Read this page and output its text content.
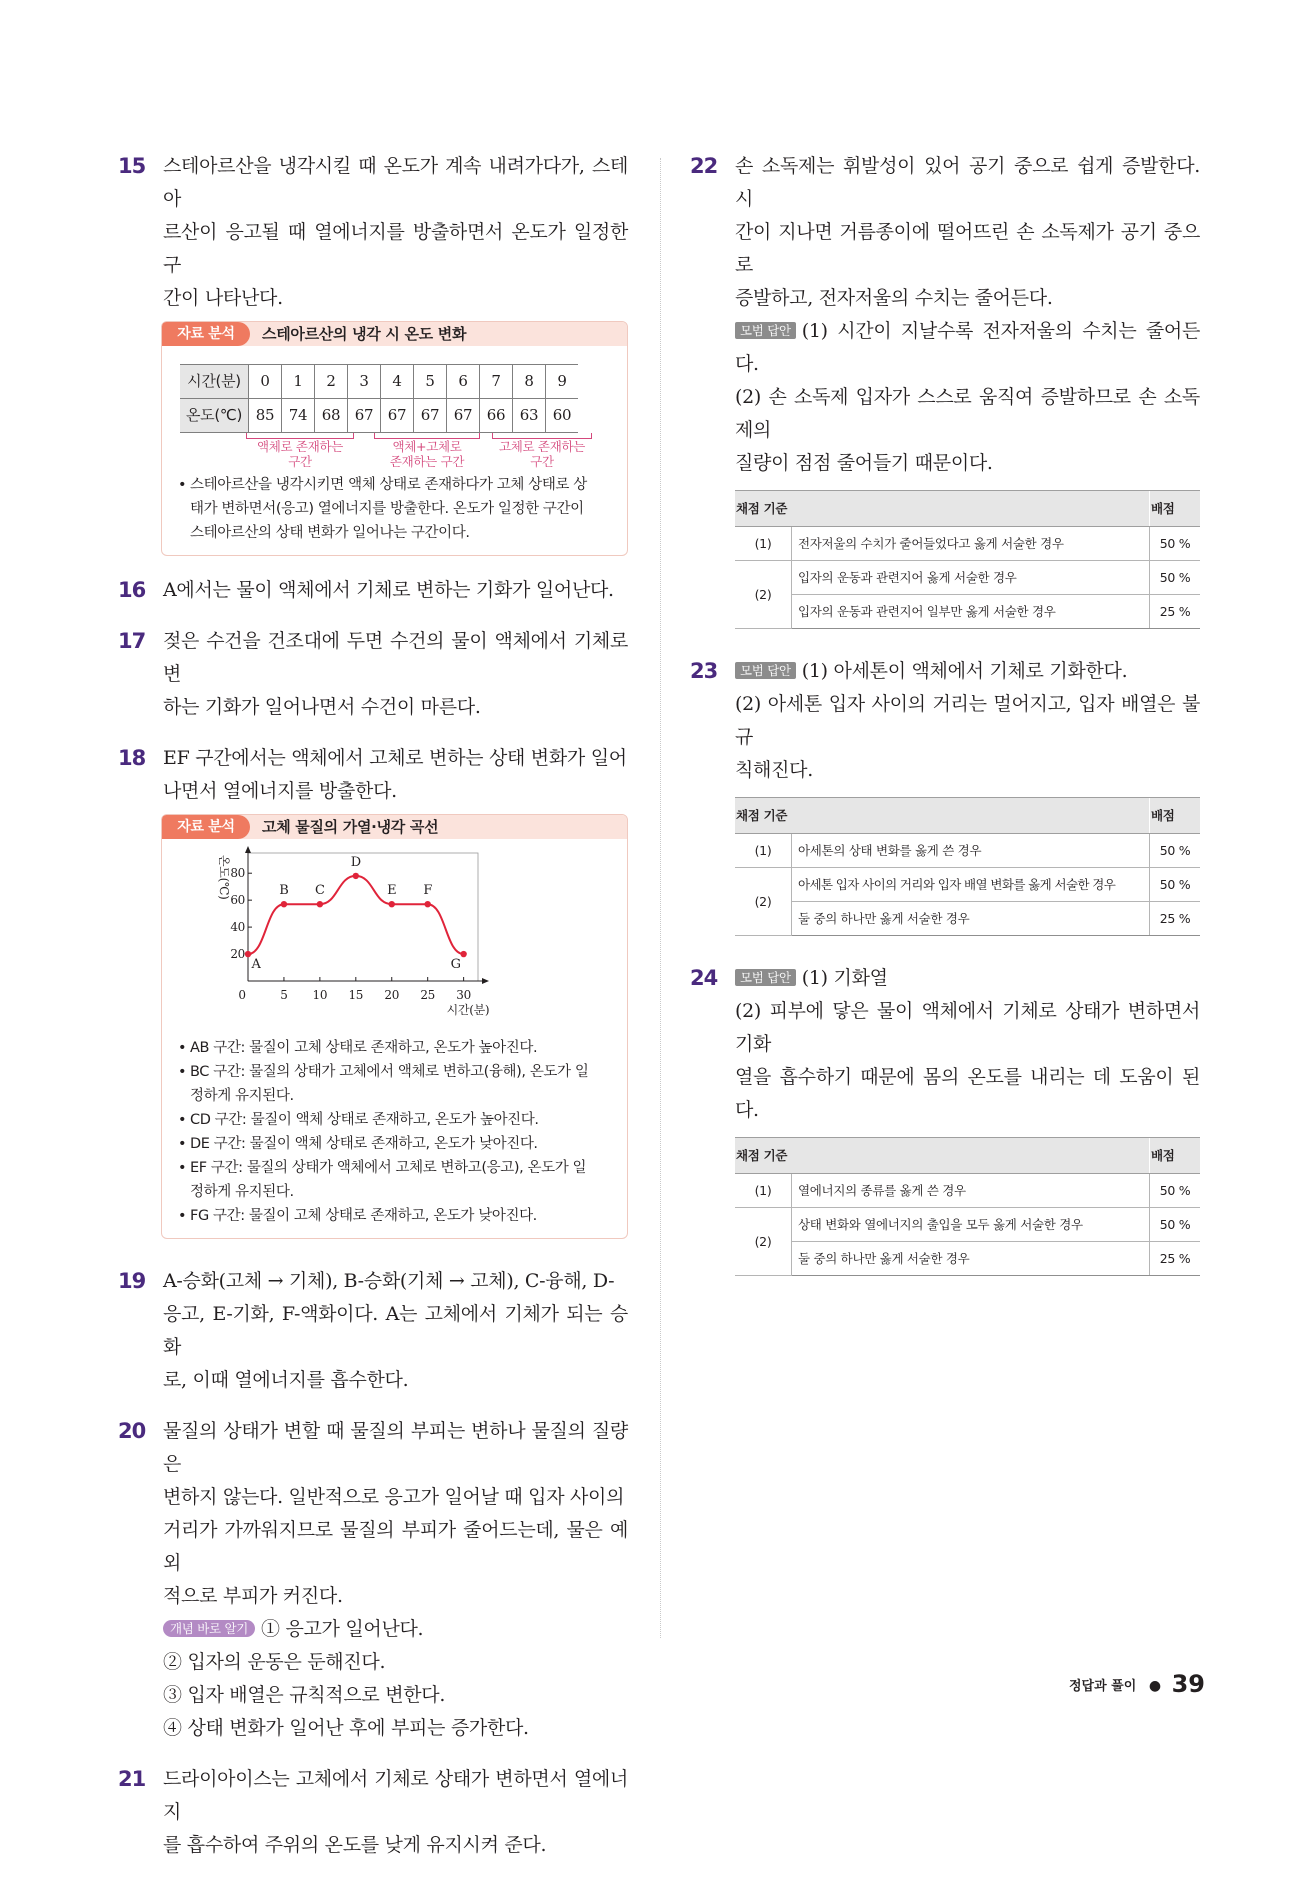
15 스테아르산을 냉각시킬 때 온도가 계속 내려가다가, 스테아
르산이 응고될 때 열에너지를 방출하면서 온도가 일정한 구
간이 나타난다.
자료 분석	스테아르산의 냉각 시 온도 변화
시간(분)	0	1	2	3	4	5	6	7	8	9
온도(℃)	85	74	68	67	67	67	67	66	63	60
액체로 존재하는
구간
액체+고체로
존재하는 구간
고체로 존재하는
구간
• 스테아르산을 냉각시키면 액체 상태로 존재하다가 고체 상태로 상
태가 변하면서(응고) 열에너지를 방출한다. 온도가 일정한 구간이
스테아르산의 상태 변화가 일어나는 구간이다.
16 A에서는 물이 액체에서 기체로 변하는 기화가 일어난다.
17 젖은 수건을 건조대에 두면 수건의 물이 액체에서 기체로 변
하는 기화가 일어나면서 수건이 마른다.
18 EF 구간에서는 액체에서 고체로 변하는 상태 변화가 일어
나면서 열에너지를 방출한다.
자료 분석	고체 물질의 가열·냉각 곡선
20
40
60
80
0	5 10 15 20 25 30
온도(℃)
시간(분)
A
B C
D
E F
G
• AB 구간: 물질이 고체 상태로 존재하고, 온도가 높아진다.
• BC 구간: 물질의 상태가 고체에서 액체로 변하고(융해), 온도가 일
정하게 유지된다.
• CD 구간: 물질이 액체 상태로 존재하고, 온도가 높아진다.
• DE 구간: 물질이 액체 상태로 존재하고, 온도가 낮아진다.
• EF 구간: 물질의 상태가 액체에서 고체로 변하고(응고), 온도가 일
정하게 유지된다.
• FG 구간: 물질이 고체 상태로 존재하고, 온도가 낮아진다.
19 A-승화(고체 → 기체), B-승화(기체 → 고체), C-융해, D-
응고, E-기화, F-액화이다. A는 고체에서 기체가 되는 승화
로, 이때 열에너지를 흡수한다.
20 물질의 상태가 변할 때 물질의 부피는 변하나 물질의 질량은
변하지 않는다. 일반적으로 응고가 일어날 때 입자 사이의
거리가 가까워지므로 물질의 부피가 줄어드는데, 물은 예외
적으로 부피가 커진다.
개념 바로 알기 ① 응고가 일어난다.
② 입자의 운동은 둔해진다.
③ 입자 배열은 규칙적으로 변한다.
④ 상태 변화가 일어난 후에 부피는 증가한다.
21 드라이아이스는 고체에서 기체로 상태가 변하면서 열에너지
를 흡수하여 주위의 온도를 낮게 유지시켜 준다.
22 손 소독제는 휘발성이 있어 공기 중으로 쉽게 증발한다. 시
간이 지나면 거름종이에 떨어뜨린 손 소독제가 공기 중으로
증발하고, 전자저울의 수치는 줄어든다.
모범 답안 (1) 시간이 지날수록 전자저울의 수치는 줄어든다.
(2) 손 소독제 입자가 스스로 움직여 증발하므로 손 소독제의
질량이 점점 줄어들기 때문이다.
채점 기준		배점
(1)	전자저울의 수치가 줄어들었다고 옳게 서술한 경우	50 %
(2)	입자의 운동과 관련지어 옳게 서술한 경우	50 %
	입자의 운동과 관련지어 일부만 옳게 서술한 경우	25 %
23	모범 답안 (1) 아세톤이 액체에서 기체로 기화한다.
(2) 아세톤 입자 사이의 거리는 멀어지고, 입자 배열은 불규
칙해진다.
채점 기준		배점
(1)	아세톤의 상태 변화를 옳게 쓴 경우	50 %
(2)	아세톤 입자 사이의 거리와 입자 배열 변화를 옳게 서술한 경우	50 %
	둘 중의 하나만 옳게 서술한 경우	25 %
24	모범 답안 (1) 기화열
(2) 피부에 닿은 물이 액체에서 기체로 상태가 변하면서 기화
열을 흡수하기 때문에 몸의 온도를 내리는 데 도움이 된다.
채점 기준		배점
(1)	열에너지의 종류를 옳게 쓴 경우	50 %
(2)	상태 변화와 열에너지의 출입을 모두 옳게 서술한 경우	50 %
	둘 중의 하나만 옳게 서술한 경우	25 %
정답과 풀이 ● 39
